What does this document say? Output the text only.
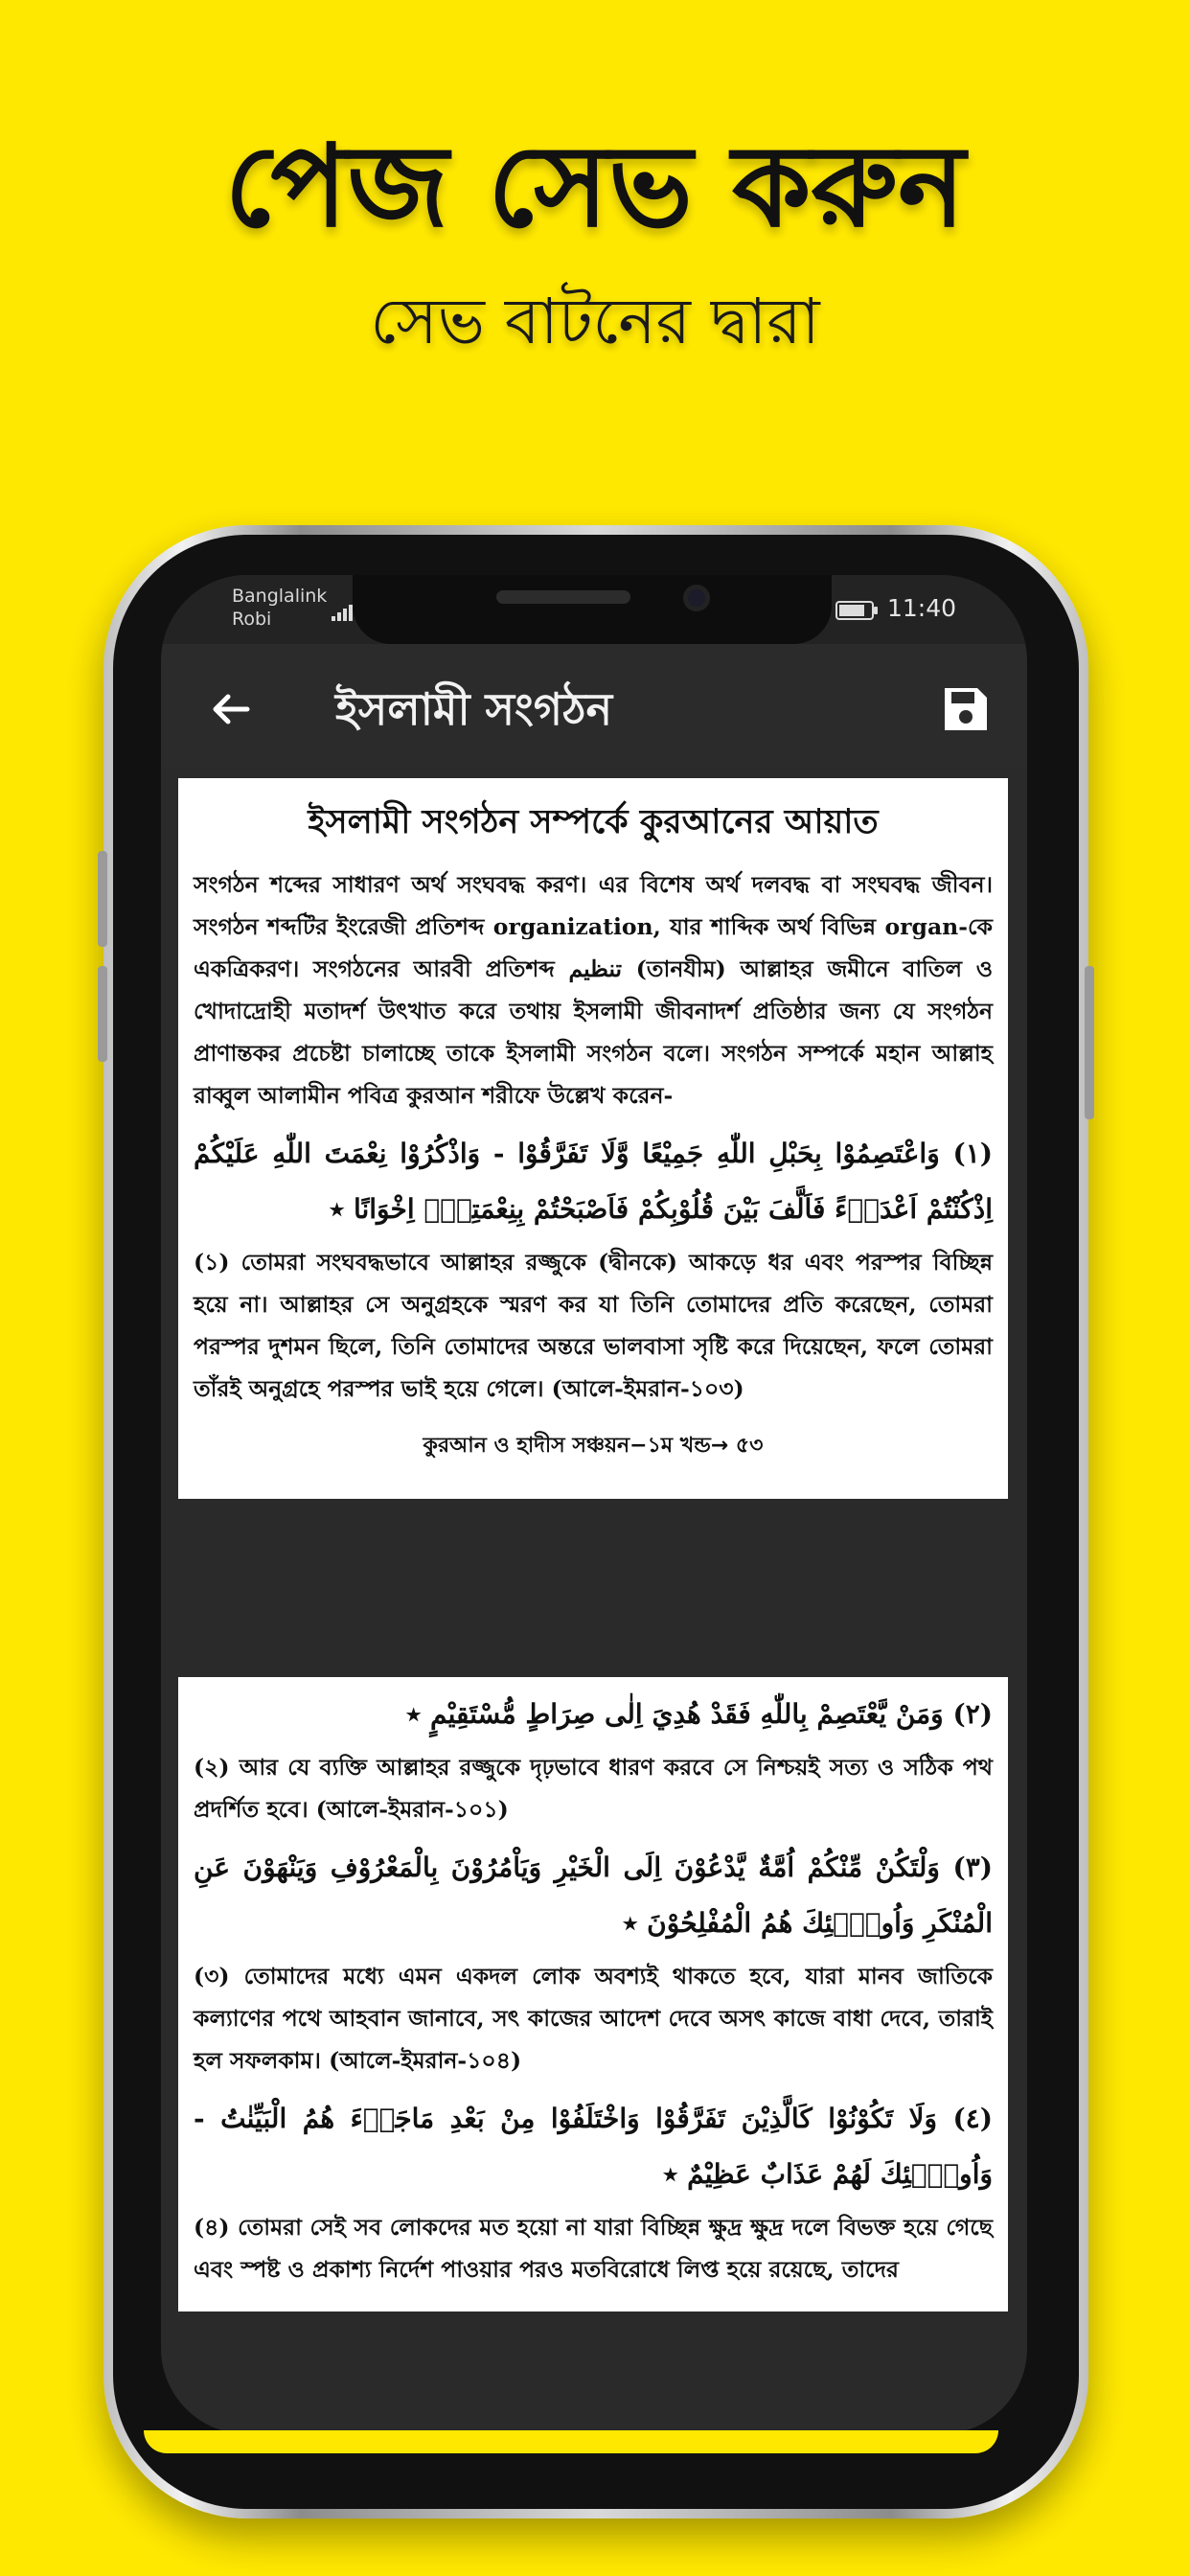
পেজ সেভ করুন
সেভ বাটনের দ্বারা
Banglalink
Robi	11:40
ইসলামী সংগঠন
ইসলামী সংগঠন সম্পর্কে কুরআনের আয়াত
সংগঠন শব্দের সাধারণ অর্থ সংঘবদ্ধ করণ। এর বিশেষ অর্থ দলবদ্ধ বা সংঘবদ্ধ জীবন। সংগঠন শব্দটির ইংরেজী প্রতিশব্দ organization, যার শাব্দিক অর্থ বিভিন্ন organ-কে একত্রিকরণ। সংগঠনের আরবী প্রতিশব্দ تنظيم (তানযীম) আল্লাহর জমীনে বাতিল ও খোদাদ্রোহী মতাদর্শ উৎখাত করে তথায় ইসলামী জীবনাদর্শ প্রতিষ্ঠার জন্য যে সংগঠন প্রাণান্তকর প্রচেষ্টা চালাচ্ছে তাকে ইসলামী সংগঠন বলে। সংগঠন সম্পর্কে মহান আল্লাহ রাব্বুল আলামীন পবিত্র কুরআন শরীফে উল্লেখ করেন-
(١) وَاعْتَصِمُوْا بِحَبْلِ اللّٰهِ جَمِيْعًا وَّلَا تَفَرَّقُوْا - وَاذْكُرُوْا نِعْمَتَ اللّٰهِ عَلَيْكُمْ اِذْكُنْتُمْ اَعْدَاۤءً فَاَلَّفَ بَيْنَ قُلُوْبِكُمْ فَاَصْبَحْتُمْ بِنِعْمَتِهٖۤ اِخْوَانًا ٭
(১) তোমরা সংঘবদ্ধভাবে আল্লাহর রজ্জুকে (দ্বীনকে) আকড়ে ধর এবং পরস্পর বিচ্ছিন্ন হয়ে না। আল্লাহর সে অনুগ্রহকে স্মরণ কর যা তিনি তোমাদের প্রতি করেছেন, তোমরা পরস্পর দুশমন ছিলে, তিনি তোমাদের অন্তরে ভালবাসা সৃষ্টি করে দিয়েছেন, ফলে তোমরা তাঁরই অনুগ্রহে পরস্পর ভাই হয়ে গেলে। (আলে-ইমরান-১০৩)
কুরআন ও হাদীস সঞ্চয়ন−১ম খন্ড→ ৫৩
(٢) وَمَنْ يَّعْتَصِمْ بِاللّٰهِ فَقَدْ هُدِيَ اِلٰى صِرَاطٍ مُّسْتَقِيْمٍ ٭
(২) আর যে ব্যক্তি আল্লাহর রজ্জুকে দৃঢ়ভাবে ধারণ করবে সে নিশ্চয়ই সত্য ও সঠিক পথ প্রদর্শিত হবে। (আলে-ইমরান-১০১)
(٣) وَلْتَكُنْ مِّنْكُمْ اُمَّةٌ يَّدْعُوْنَ اِلَى الْخَيْرِ وَيَاْمُرُوْنَ بِالْمَعْرُوْفِ وَيَنْهَوْنَ عَنِ الْمُنْكَرِ وَاُولٰۤئِكَ هُمُ الْمُفْلِحُوْنَ ٭
(৩) তোমাদের মধ্যে এমন একদল লোক অবশ্যই থাকতে হবে, যারা মানব জাতিকে কল্যাণের পথে আহবান জানাবে, সৎ কাজের আদেশ দেবে অসৎ কাজে বাধা দেবে, তারাই হল সফলকাম। (আলে-ইমরান-১০৪)
(٤) وَلَا تَكُوْنُوْا كَالَّذِيْنَ تَفَرَّقُوْا وَاخْتَلَفُوْا مِنْ بَعْدِ مَاجَاۤءَ هُمُ الْبَيِّنٰتُ - وَاُولٰۤئِكَ لَهُمْ عَذَابٌ عَظِيْمٌ ٭
(৪) তোমরা সেই সব লোকদের মত হয়ো না যারা বিচ্ছিন্ন ক্ষুদ্র ক্ষুদ্র দলে বিভক্ত হয়ে গেছে এবং স্পষ্ট ও প্রকাশ্য নির্দেশ পাওয়ার পরও মতবিরোধে লিপ্ত হয়ে রয়েছে, তাদের
